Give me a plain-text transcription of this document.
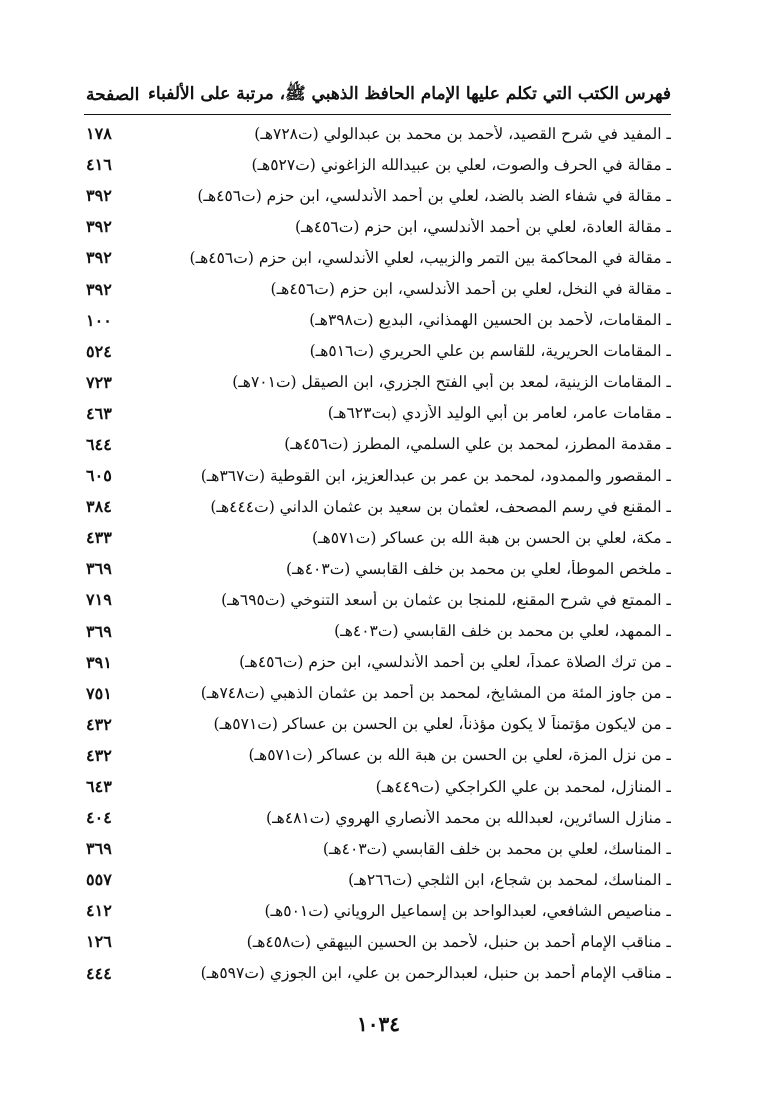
فهرس الكتب التي تكلم عليها الإمام الحافظ الذهبي ﷺ، مرتبة على الألفباء
الصفحة
ـ المفيد في شرح القصيد، لأحمد بن محمد بن عبدالولي (ت٧٢٨هـ)
١٧٨
ـ مقالة في الحرف والصوت، لعلي بن عبيدالله الزاغوني (ت٥٢٧هـ)
٤١٦
ـ مقالة في شفاء الضد بالضد، لعلي بن أحمد الأندلسي، ابن حزم (ت٤٥٦هـ)
٣٩٢
ـ مقالة العادة، لعلي بن أحمد الأندلسي، ابن حزم (ت٤٥٦هـ)
٣٩٢
ـ مقالة في المحاكمة بين التمر والزبيب، لعلي الأندلسي، ابن حزم (ت٤٥٦هـ)
٣٩٢
ـ مقالة في النخل، لعلي بن أحمد الأندلسي، ابن حزم (ت٤٥٦هـ)
٣٩٢
ـ المقامات، لأحمد بن الحسين الهمذاني، البديع (ت٣٩٨هـ)
١٠٠
ـ المقامات الحريرية، للقاسم بن علي الحريري (ت٥١٦هـ)
٥٢٤
ـ المقامات الزينية، لمعد بن أبي الفتح الجزري، ابن الصيقل (ت٧٠١هـ)
٧٢٣
ـ مقامات عامر، لعامر بن أبي الوليد الأزدي (بت٦٢٣هـ)
٤٦٣
ـ مقدمة المطرز، لمحمد بن علي السلمي، المطرز (ت٤٥٦هـ)
٦٤٤
ـ المقصور والممدود، لمحمد بن عمر بن عبدالعزيز، ابن القوطية (ت٣٦٧هـ)
٦٠٥
ـ المقنع في رسم المصحف، لعثمان بن سعيد بن عثمان الداني (ت٤٤٤هـ)
٣٨٤
ـ مكة، لعلي بن الحسن بن هبة الله بن عساكر (ت٥٧١هـ)
٤٣٣
ـ ملخص الموطأ، لعلي بن محمد بن خلف القابسي (ت٤٠٣هـ)
٣٦٩
ـ الممتع في شرح المقنع، للمنجا بن عثمان بن أسعد التنوخي (ت٦٩٥هـ)
٧١٩
ـ الممهد، لعلي بن محمد بن خلف القابسي (ت٤٠٣هـ)
٣٦٩
ـ من ترك الصلاة عمداً، لعلي بن أحمد الأندلسي، ابن حزم (ت٤٥٦هـ)
٣٩١
ـ من جاوز المئة من المشايخ، لمحمد بن أحمد بن عثمان الذهبي (ت٧٤٨هـ)
٧٥١
ـ من لايكون مؤتمناً لا يكون مؤذناً، لعلي بن الحسن بن عساكر (ت٥٧١هـ)
٤٣٢
ـ من نزل المزة، لعلي بن الحسن بن هبة الله بن عساكر (ت٥٧١هـ)
٤٣٢
ـ المنازل، لمحمد بن علي الكراجكي (ت٤٤٩هـ)
٦٤٣
ـ منازل السائرين، لعبدالله بن محمد الأنصاري الهروي (ت٤٨١هـ)
٤٠٤
ـ المناسك، لعلي بن محمد بن خلف القابسي (ت٤٠٣هـ)
٣٦٩
ـ المناسك، لمحمد بن شجاع، ابن الثلجي (ت٢٦٦هـ)
٥٥٧
ـ مناصيص الشافعي، لعبدالواحد بن إسماعيل الروياني (ت٥٠١هـ)
٤١٢
ـ مناقب الإمام أحمد بن حنبل، لأحمد بن الحسين البيهقي (ت٤٥٨هـ)
١٢٦
ـ مناقب الإمام أحمد بن حنبل، لعبدالرحمن بن علي، ابن الجوزي (ت٥٩٧هـ)
٤٤٤
١٠٣٤
